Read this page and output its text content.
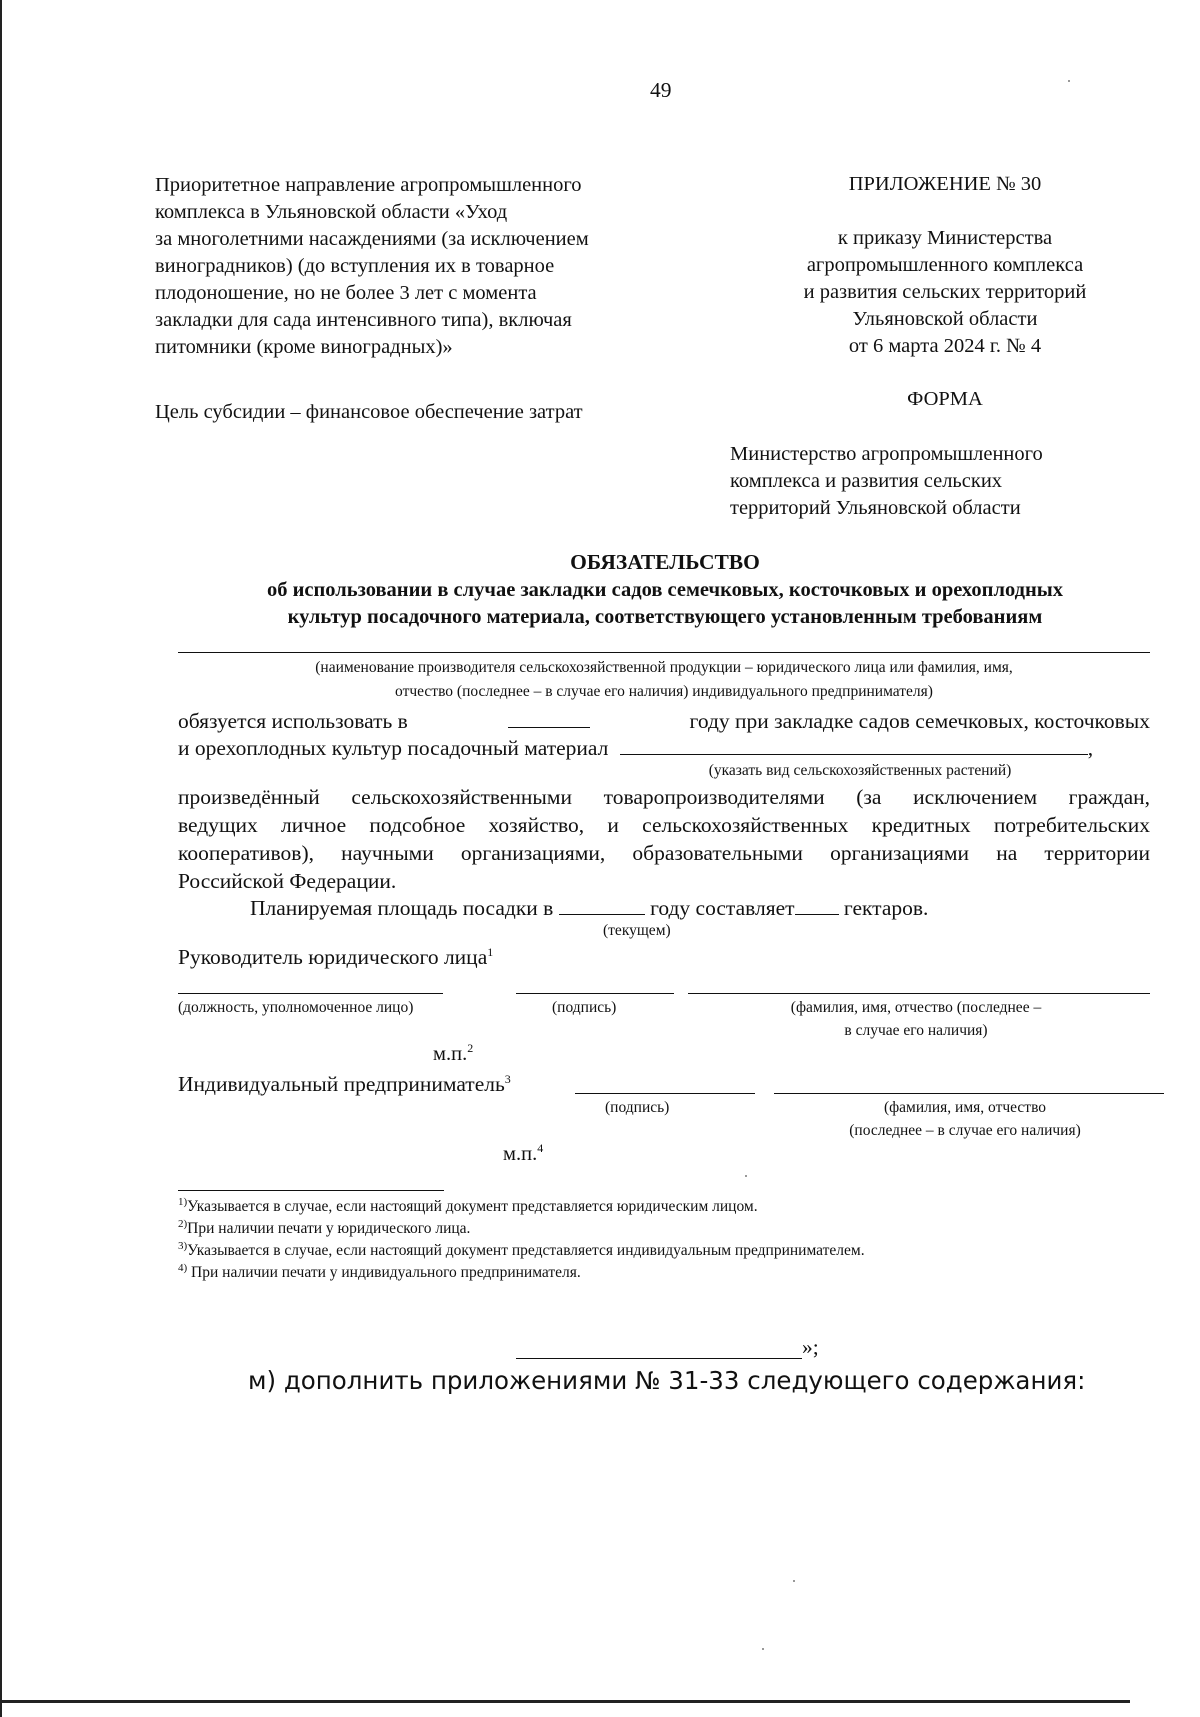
49
Приоритетное направление агропромышленного
комплекса в Ульяновской области «Уход
за многолетними насаждениями (за исключением
виноградников) (до вступления их в товарное
плодоношение, но не более 3 лет с момента
закладки для сада интенсивного типа), включая
питомники (кроме виноградных)»
Цель субсидии – финансовое обеспечение затрат
ПРИЛОЖЕНИЕ № 30
к приказу Министерства
агропромышленного комплекса
и развития сельских территорий
Ульяновской области
от 6 марта 2024 г. № 4
ФОРМА
Министерство агропромышленного
комплекса и развития сельских
территорий Ульяновской области
ОБЯЗАТЕЛЬСТВО
об использовании в случае закладки садов семечковых, косточковых и орехоплодных
культур посадочного материала, соответствующего установленным требованиям
(наименование производителя сельскохозяйственной продукции – юридического лица или фамилия, имя,
отчество (последнее – в случае его наличия) индивидуального предпринимателя)
обязуется использовать в	году при закладке садов семечковых, косточковых
и орехоплодных культур посадочный материал	,
(указать вид сельскохозяйственных растений)
произведённый сельскохозяйственными товаропроизводителями (за исключением граждан,
ведущих личное подсобное хозяйство, и сельскохозяйственных кредитных потребительских
кооперативов), научными организациями, образовательными организациями на территории
Российской Федерации.
Планируемая площадь посадки в	году составляет гектаров.
(текущем)
Руководитель юридического лица$^1$
(должность, уполномоченное лицо)	(подпись)	(фамилия, имя, отчество (последнее –
в случае его наличия)
м.п.$^2$
Индивидуальный предприниматель$^3$
(подпись)	(фамилия, имя, отчество
(последнее – в случае его наличия)
м.п.$^4$
$^{1)}$Указывается в случае, если настоящий документ представляется юридическим лицом.
$^{2)}$При наличии печати у юридического лица.
$^{3)}$Указывается в случае, если настоящий документ представляется индивидуальным предпринимателем.
$^{4)}$ При наличии печати у индивидуального предпринимателя.
»;
м) дополнить приложениями № 31-33 следующего содержания:
